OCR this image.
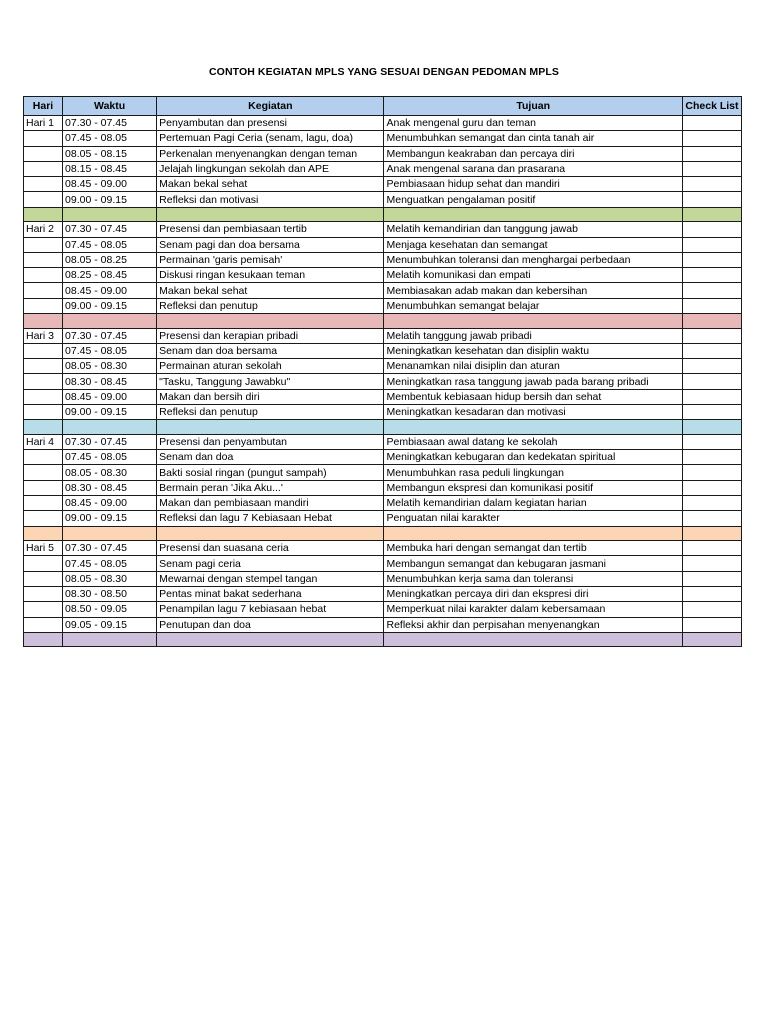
CONTOH KEGIATAN MPLS YANG SESUAI DENGAN PEDOMAN MPLS
Hari	Waktu	Kegiatan	Tujuan	Check List
Hari 1	07.30 - 07.45	Penyambutan dan presensi	Anak mengenal guru dan teman	
	07.45 - 08.05	Pertemuan Pagi Ceria (senam, lagu, doa)	Menumbuhkan semangat dan cinta tanah air	
	08.05 - 08.15	Perkenalan menyenangkan dengan teman	Membangun keakraban dan percaya diri	
	08.15 - 08.45	Jelajah lingkungan sekolah dan APE	Anak mengenal sarana dan prasarana	
	08.45 - 09.00	Makan bekal sehat	Pembiasaan hidup sehat dan mandiri	
	09.00 - 09.15	Refleksi dan motivasi	Menguatkan pengalaman positif	

Hari 2	07.30 - 07.45	Presensi dan pembiasaan tertib	Melatih kemandirian dan tanggung jawab	
	07.45 - 08.05	Senam pagi dan doa bersama	Menjaga kesehatan dan semangat	
	08.05 - 08.25	Permainan 'garis pemisah'	Menumbuhkan toleransi dan menghargai perbedaan	
	08.25 - 08.45	Diskusi ringan kesukaan teman	Melatih komunikasi dan empati	
	08.45 - 09.00	Makan bekal sehat	Membiasakan adab makan dan kebersihan	
	09.00 - 09.15	Refleksi dan penutup	Menumbuhkan semangat belajar	

Hari 3	07.30 - 07.45	Presensi dan kerapian pribadi	Melatih tanggung jawab pribadi	
	07.45 - 08.05	Senam dan doa bersama	Meningkatkan kesehatan dan disiplin waktu	
	08.05 - 08.30	Permainan aturan sekolah	Menanamkan nilai disiplin dan aturan	
	08.30 - 08.45	"Tasku, Tanggung Jawabku"	Meningkatkan rasa tanggung jawab pada barang pribadi	
	08.45 - 09.00	Makan dan bersih diri	Membentuk kebiasaan hidup bersih dan sehat	
	09.00 - 09.15	Refleksi dan penutup	Meningkatkan kesadaran dan motivasi	

Hari 4	07.30 - 07.45	Presensi dan penyambutan	Pembiasaan awal datang ke sekolah	
	07.45 - 08.05	Senam dan doa	Meningkatkan kebugaran dan kedekatan spiritual	
	08.05 - 08.30	Bakti sosial ringan (pungut sampah)	Menumbuhkan rasa peduli lingkungan	
	08.30 - 08.45	Bermain peran 'Jika Aku...'	Membangun ekspresi dan komunikasi positif	
	08.45 - 09.00	Makan dan pembiasaan mandiri	Melatih kemandirian dalam kegiatan harian	
	09.00 - 09.15	Refleksi dan lagu 7 Kebiasaan Hebat	Penguatan nilai karakter	

Hari 5	07.30 - 07.45	Presensi dan suasana ceria	Membuka hari dengan semangat dan tertib	
	07.45 - 08.05	Senam pagi ceria	Membangun semangat dan kebugaran jasmani	
	08.05 - 08.30	Mewarnai dengan stempel tangan	Menumbuhkan kerja sama dan toleransi	
	08.30 - 08.50	Pentas minat bakat sederhana	Meningkatkan percaya diri dan ekspresi diri	
	08.50 - 09.05	Penampilan lagu 7 kebiasaan hebat	Memperkuat nilai karakter dalam kebersamaan	
	09.05 - 09.15	Penutupan dan doa	Refleksi akhir dan perpisahan menyenangkan	
